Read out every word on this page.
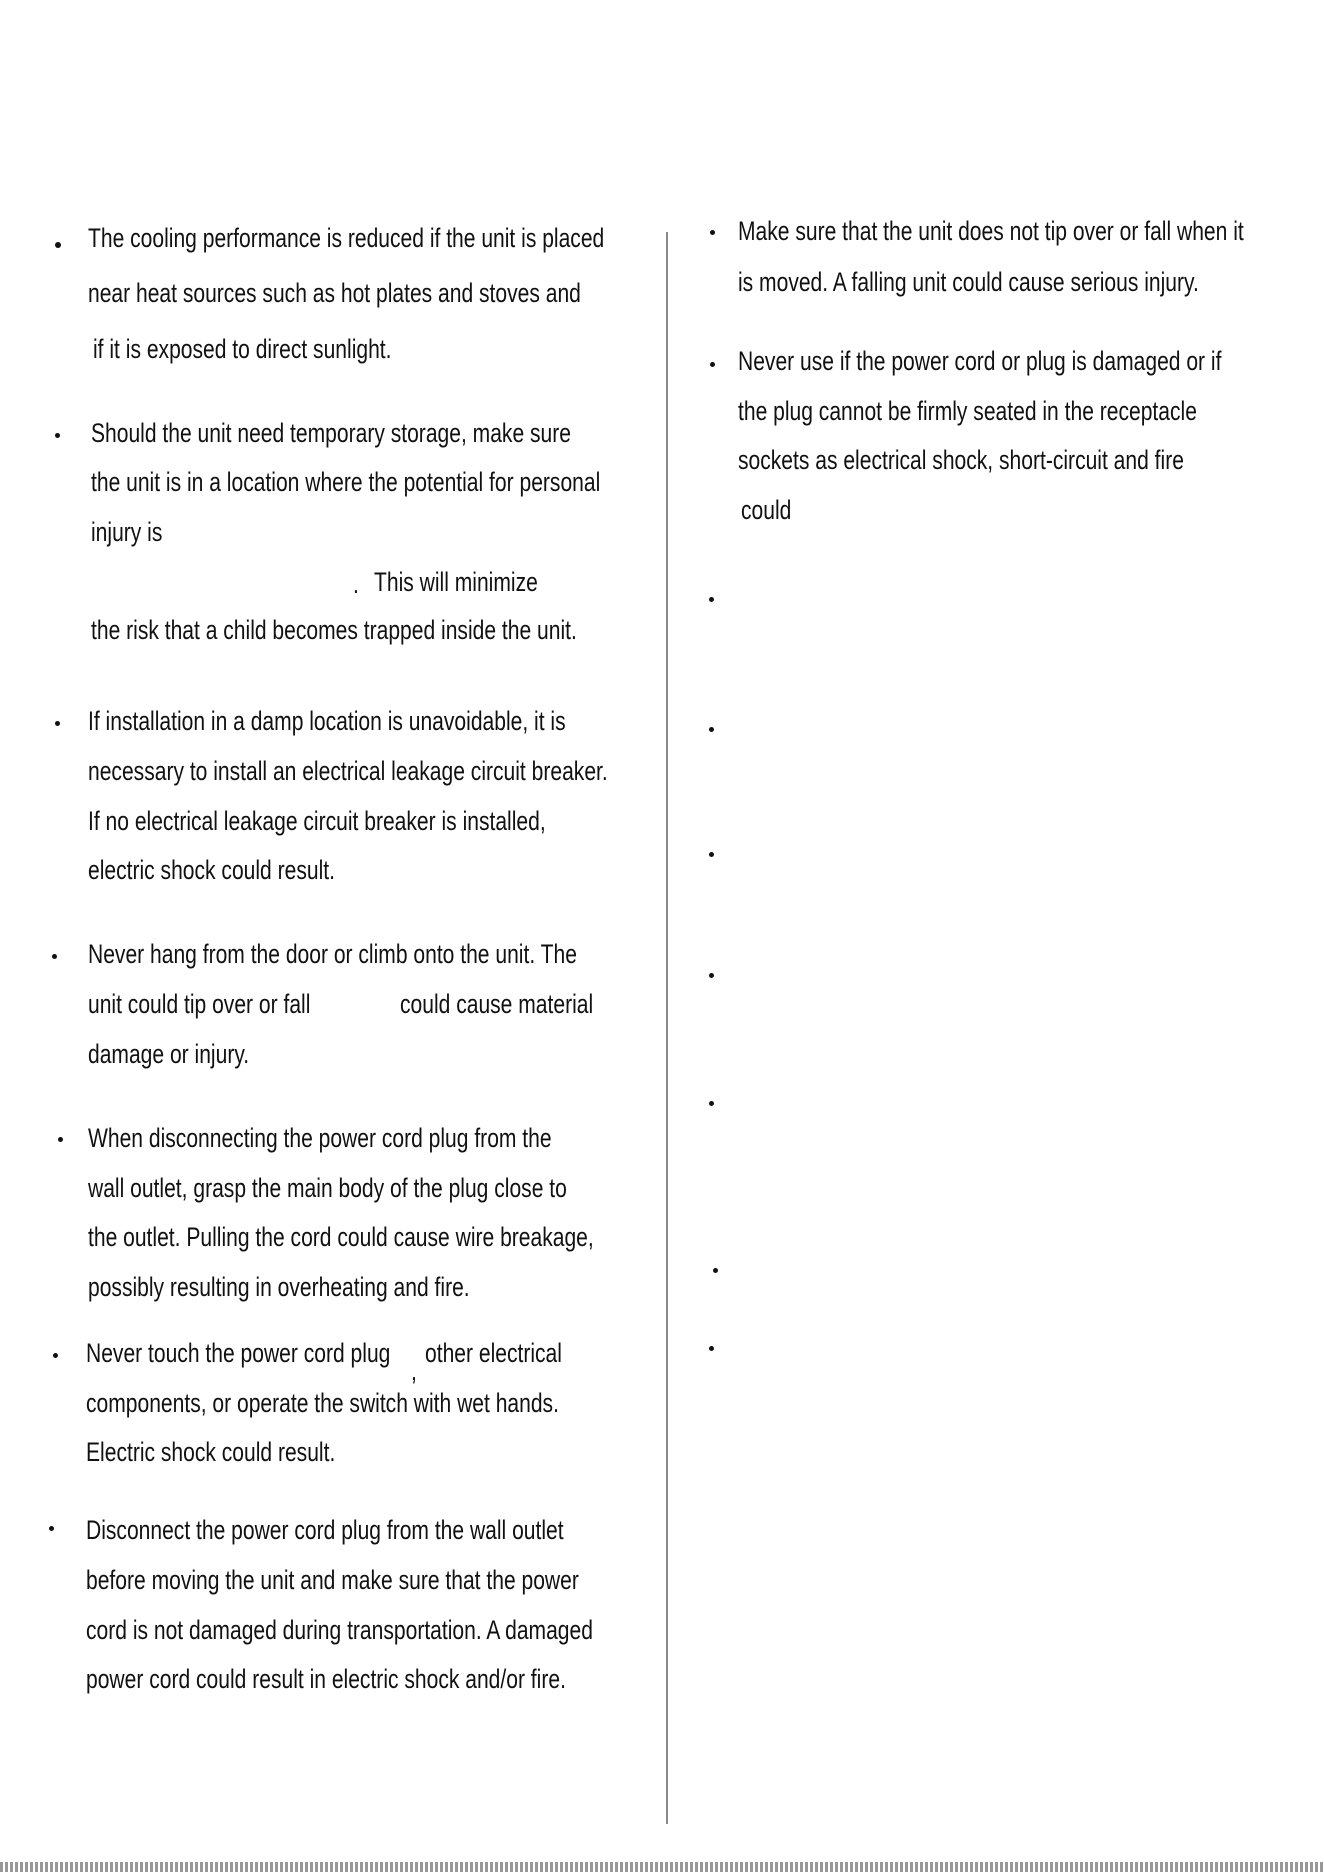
The cooling performance is reduced if the unit is placed
near heat sources such as hot plates and stoves and
if it is exposed to direct sunlight.
Should the unit need temporary storage, make sure
the unit is in a location where the potential for personal
injury is
. This will minimize
the risk that a child becomes trapped inside the unit.
If installation in a damp location is unavoidable, it is
necessary to install an electrical leakage circuit breaker.
If no electrical leakage circuit breaker is installed,
electric shock could result.
Never hang from the door or climb onto the unit. The
unit could tip over or fall	could cause material
damage or injury.
When disconnecting the power cord plug from the
wall outlet, grasp the main body of the plug close to
the outlet. Pulling the cord could cause wire breakage,
possibly resulting in overheating and fire.
Never touch the power cord plug
,
other electrical
components, or operate the switch with wet hands.
Electric shock could result.
Disconnect the power cord plug from the wall outlet
before moving the unit and make sure that the power
cord is not damaged during transportation. A damaged
power cord could result in electric shock and/or fire.
Make sure that the unit does not tip over or fall when it
is moved. A falling unit could cause serious injury.
Never use if the power cord or plug is damaged or if
the plug cannot be firmly seated in the receptacle
sockets as electrical shock, short-circuit and fire
could
